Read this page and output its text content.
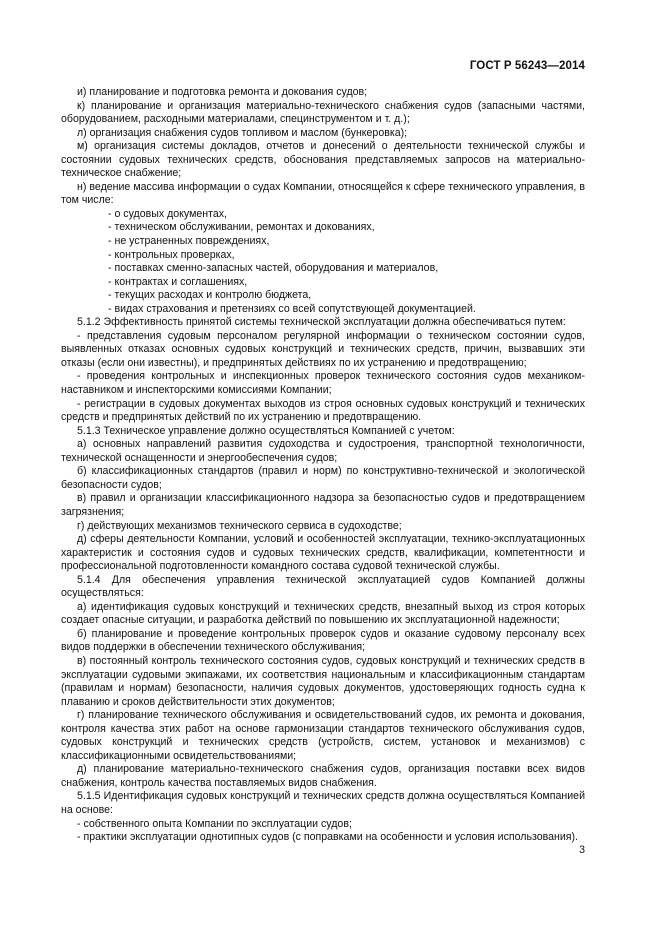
ГОСТ Р 56243—2014

и) планирование и подготовка ремонта и докования судов;

к) планирование и организация материально-технического снабжения судов (запасными частями, оборудованием, расходными материалами, специнструментом и т. д.);

л) организация снабжения судов топливом и маслом (бункеровка);

м) организация системы докладов, отчетов и донесений о деятельности технической службы и состоянии судовых технических средств, обоснования представляемых запросов на материально-техническое снабжение;

н) ведение массива информации о судах Компании, относящейся к сфере технического управления, в том числе:

- о судовых документах,

- техническом обслуживании, ремонтах и докованиях,

- не устраненных повреждениях,

- контрольных проверках,

- поставках сменно-запасных частей, оборудования и материалов,

- контрактах и соглашениях,

- текущих расходах и контролю бюджета,

- видах страхования и претензиях со всей сопутствующей документацией.

5.1.2 Эффективность принятой системы технической эксплуатации должна обеспечиваться путем:

- представления судовым персоналом регулярной информации о техническом состоянии судов, выявленных отказах основных судовых конструкций и технических средств, причин, вызвавших эти отказы (если они известны), и предпринятых действиях по их устранению и предотвращению;

- проведения контрольных и инспекционных проверок технического состояния судов механиком-наставником и инспекторскими комиссиями Компании;

- регистрации в судовых документах выходов из строя основных судовых конструкций и технических средств и предпринятых действий по их устранению и предотвращению.

5.1.3 Техническое управление должно осуществляться Компанией с учетом:

а) основных направлений развития судоходства и судостроения, транспортной технологичности, технической оснащенности и энергообеспечения судов;

б) классификационных стандартов (правил и норм) по конструктивно-технической и экологической безопасности судов;

в) правил и организации классификационного надзора за безопасностью судов и предотвращением загрязнения;

г) действующих механизмов технического сервиса в судоходстве;

д) сферы деятельности Компании, условий и особенностей эксплуатации, технико-эксплуатационных характеристик и состояния судов и судовых технических средств, квалификации, компетентности и профессиональной подготовленности командного состава судовой технической службы.

5.1.4 Для обеспечения управления технической эксплуатацией судов Компанией должны осуществляться:

а) идентификация судовых конструкций и технических средств, внезапный выход из строя которых создает опасные ситуации, и разработка действий по повышению их эксплуатационной надежности;

б) планирование и проведение контрольных проверок судов и оказание судовому персоналу всех видов поддержки в обеспечении технического обслуживания;

в) постоянный контроль технического состояния судов, судовых конструкций и технических средств в эксплуатации судовыми экипажами, их соответствия национальным и классификационным стандартам (правилам и нормам) безопасности, наличия судовых документов, удостоверяющих годность судна к плаванию и сроков действительности этих документов;

г) планирование технического обслуживания и освидетельствований судов, их ремонта и докования, контроля качества этих работ на основе гармонизации стандартов технического обслуживания судов, судовых конструкций и технических средств (устройств, систем, установок и механизмов) с классификационными освидетельствованиями;

д) планирование материально-технического снабжения судов, организация поставки всех видов снабжения, контроль качества поставляемых видов снабжения.

5.1.5 Идентификация судовых конструкций и технических средств должна осуществляться Компанией на основе:

- собственного опыта Компании по эксплуатации судов;

- практики эксплуатации однотипных судов (с поправками на особенности и условия использования).

3
